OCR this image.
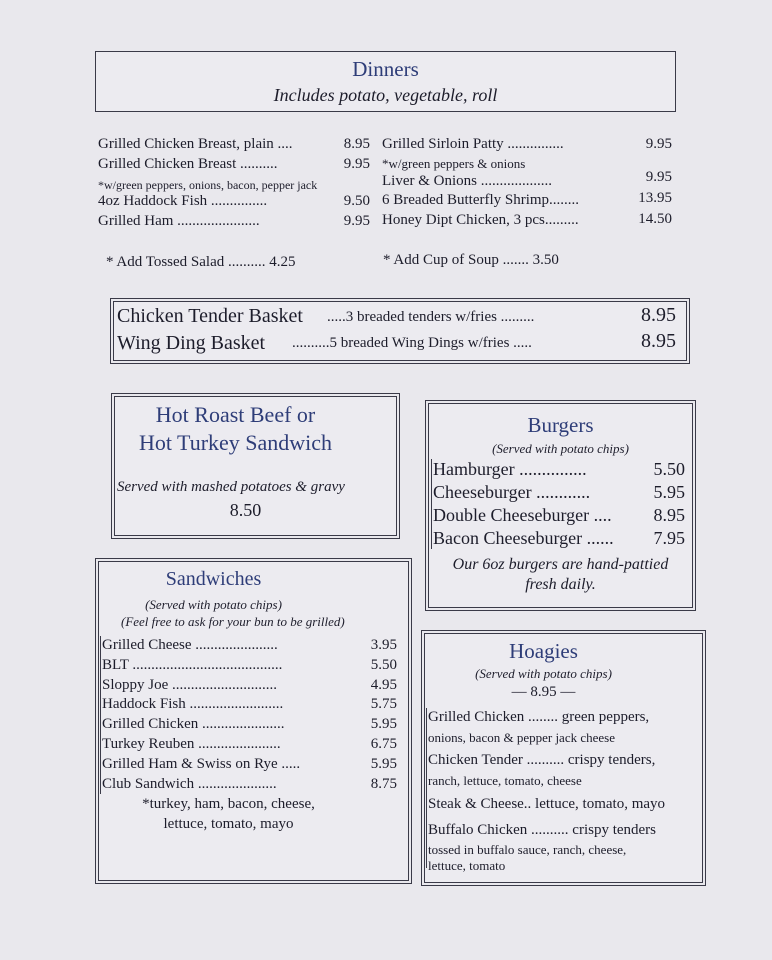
Dinners
Includes potato, vegetable, roll
Grilled Chicken Breast, plain ....	8.95
Grilled Chicken Breast ..........	9.95
*w/green peppers, onions, bacon, pepper jack
4oz Haddock Fish ...............	9.50
Grilled Ham ......................	9.95
Grilled Sirloin Patty ...............	9.95
*w/green peppers & onions
Liver & Onions ...................	9.95
6 Breaded Butterfly Shrimp........	13.95
Honey Dipt Chicken, 3 pcs.........	14.50
* Add Tossed Salad .......... 4.25	* Add Cup of Soup ....... 3.50
Chicken Tender Basket .....3 breaded tenders w/fries .........	8.95
Wing Ding Basket ..........5 breaded Wing Dings w/fries .....	8.95
Hot Roast Beef or
Hot Turkey Sandwich
Served with mashed potatoes & gravy
8.50
Burgers
(Served with potato chips)
Hamburger ...............	5.50
Cheeseburger ............	5.95
Double Cheeseburger ....	8.95
Bacon Cheeseburger ......	7.95
Our 6oz burgers are hand-pattied
fresh daily.
Sandwiches
(Served with potato chips)
(Feel free to ask for your bun to be grilled)
Grilled Cheese ......................	3.95
BLT ........................................	5.50
Sloppy Joe ............................	4.95
Haddock Fish .........................	5.75
Grilled Chicken ......................	5.95
Turkey Reuben ......................	6.75
Grilled Ham & Swiss on Rye .....	5.95
Club Sandwich .....................	8.75
*turkey, ham, bacon, cheese,
lettuce, tomato, mayo
Hoagies
(Served with potato chips)
— 8.95 —
Grilled Chicken ........ green peppers,
onions, bacon & pepper jack cheese
Chicken Tender .......... crispy tenders,
ranch, lettuce, tomato, cheese
Steak & Cheese.. lettuce, tomato, mayo
Buffalo Chicken .......... crispy tenders
tossed in buffalo sauce, ranch, cheese,
lettuce, tomato
